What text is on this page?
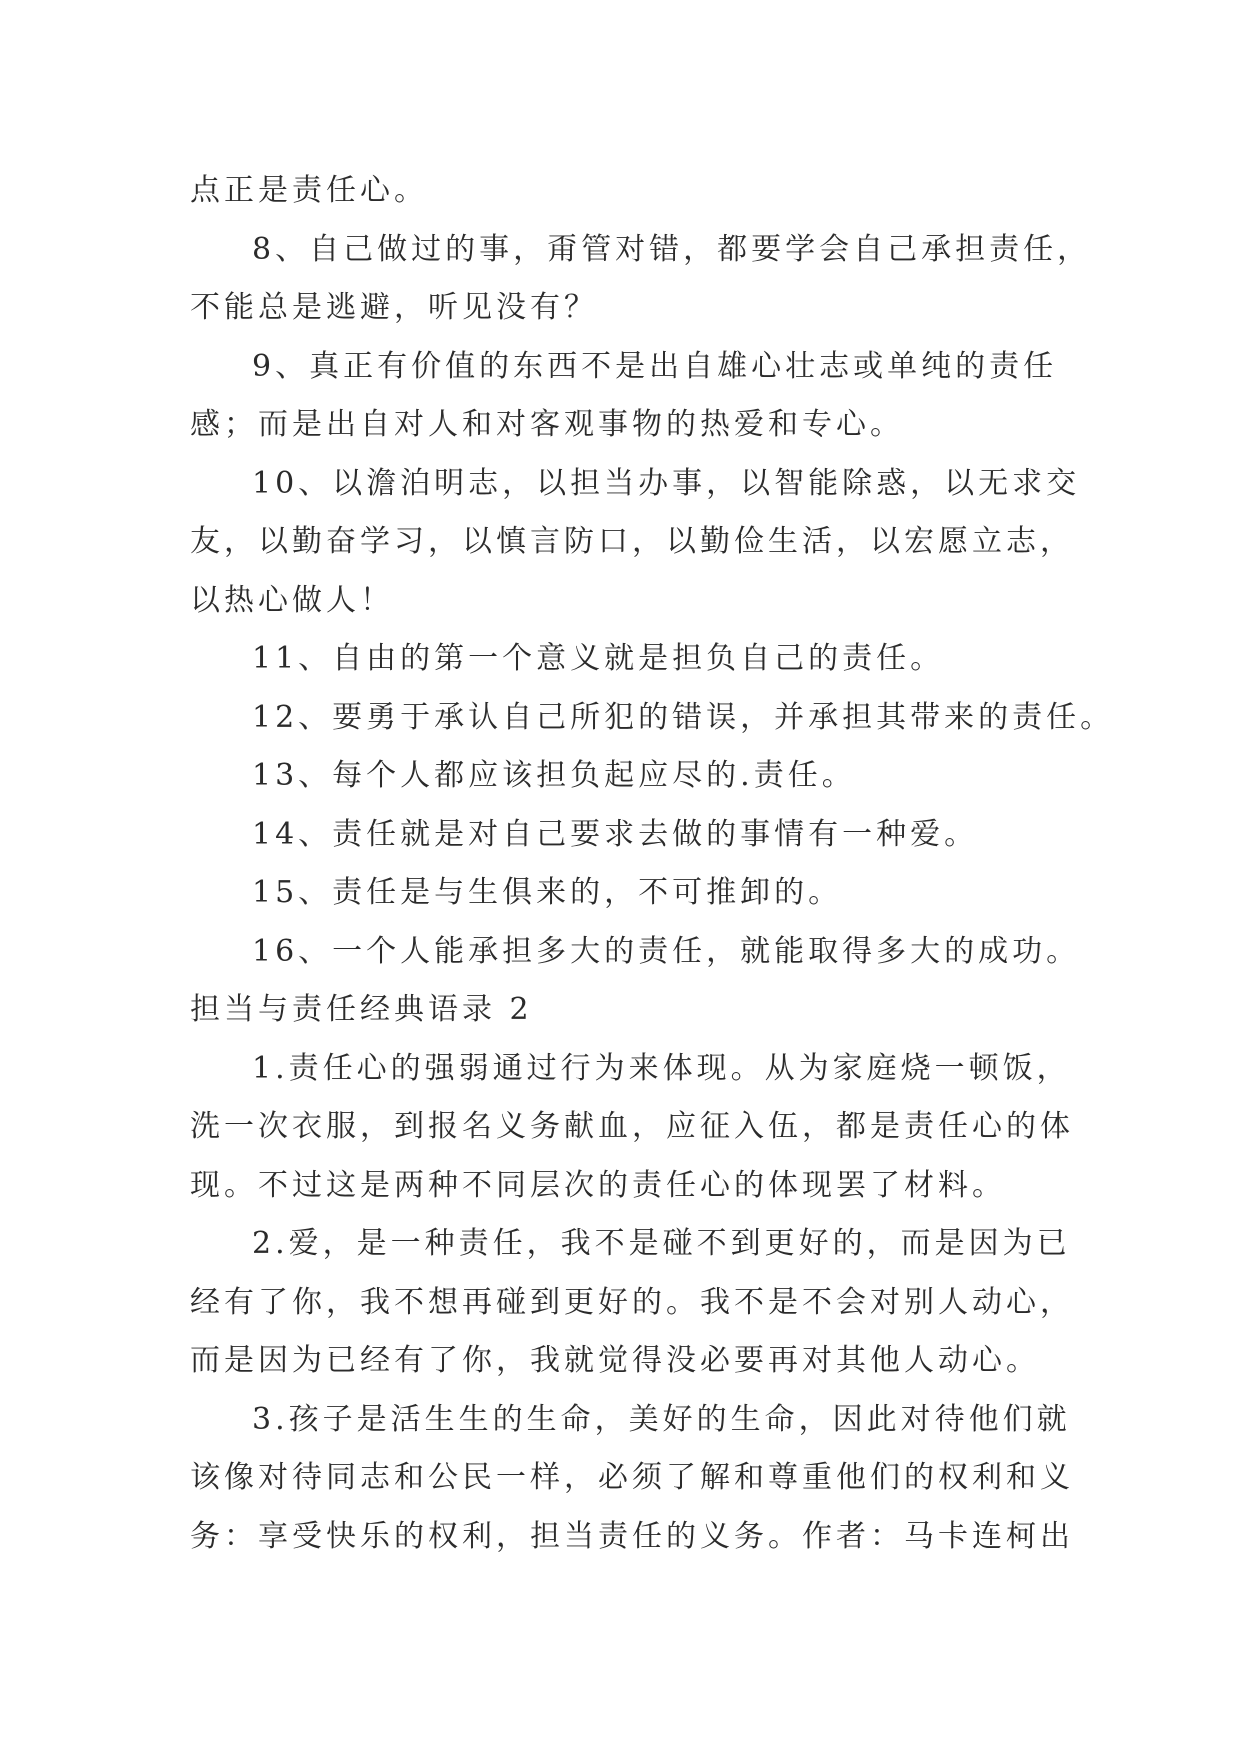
点正是责任心。
8、自己做过的事，甭管对错，都要学会自己承担责任，
不能总是逃避，听见没有？
9、真正有价值的东西不是出自雄心壮志或单纯的责任
感；而是出自对人和对客观事物的热爱和专心。
10、以澹泊明志，以担当办事，以智能除惑，以无求交
友，以勤奋学习，以慎言防口，以勤俭生活，以宏愿立志，
以热心做人！
11、自由的第一个意义就是担负自己的责任。
12、要勇于承认自己所犯的错误，并承担其带来的责任。
13、每个人都应该担负起应尽的.责任。
14、责任就是对自己要求去做的事情有一种爱。
15、责任是与生俱来的，不可推卸的。
16、一个人能承担多大的责任，就能取得多大的成功。
担当与责任经典语录 2
1.责任心的强弱通过行为来体现。从为家庭烧一顿饭，
洗一次衣服，到报名义务献血，应征入伍，都是责任心的体
现。不过这是两种不同层次的责任心的体现罢了材料。
2.爱，是一种责任，我不是碰不到更好的，而是因为已
经有了你，我不想再碰到更好的。我不是不会对别人动心，
而是因为已经有了你，我就觉得没必要再对其他人动心。
3.孩子是活生生的生命，美好的生命，因此对待他们就
该像对待同志和公民一样，必须了解和尊重他们的权利和义
务：享受快乐的权利，担当责任的义务。作者：马卡连柯出
